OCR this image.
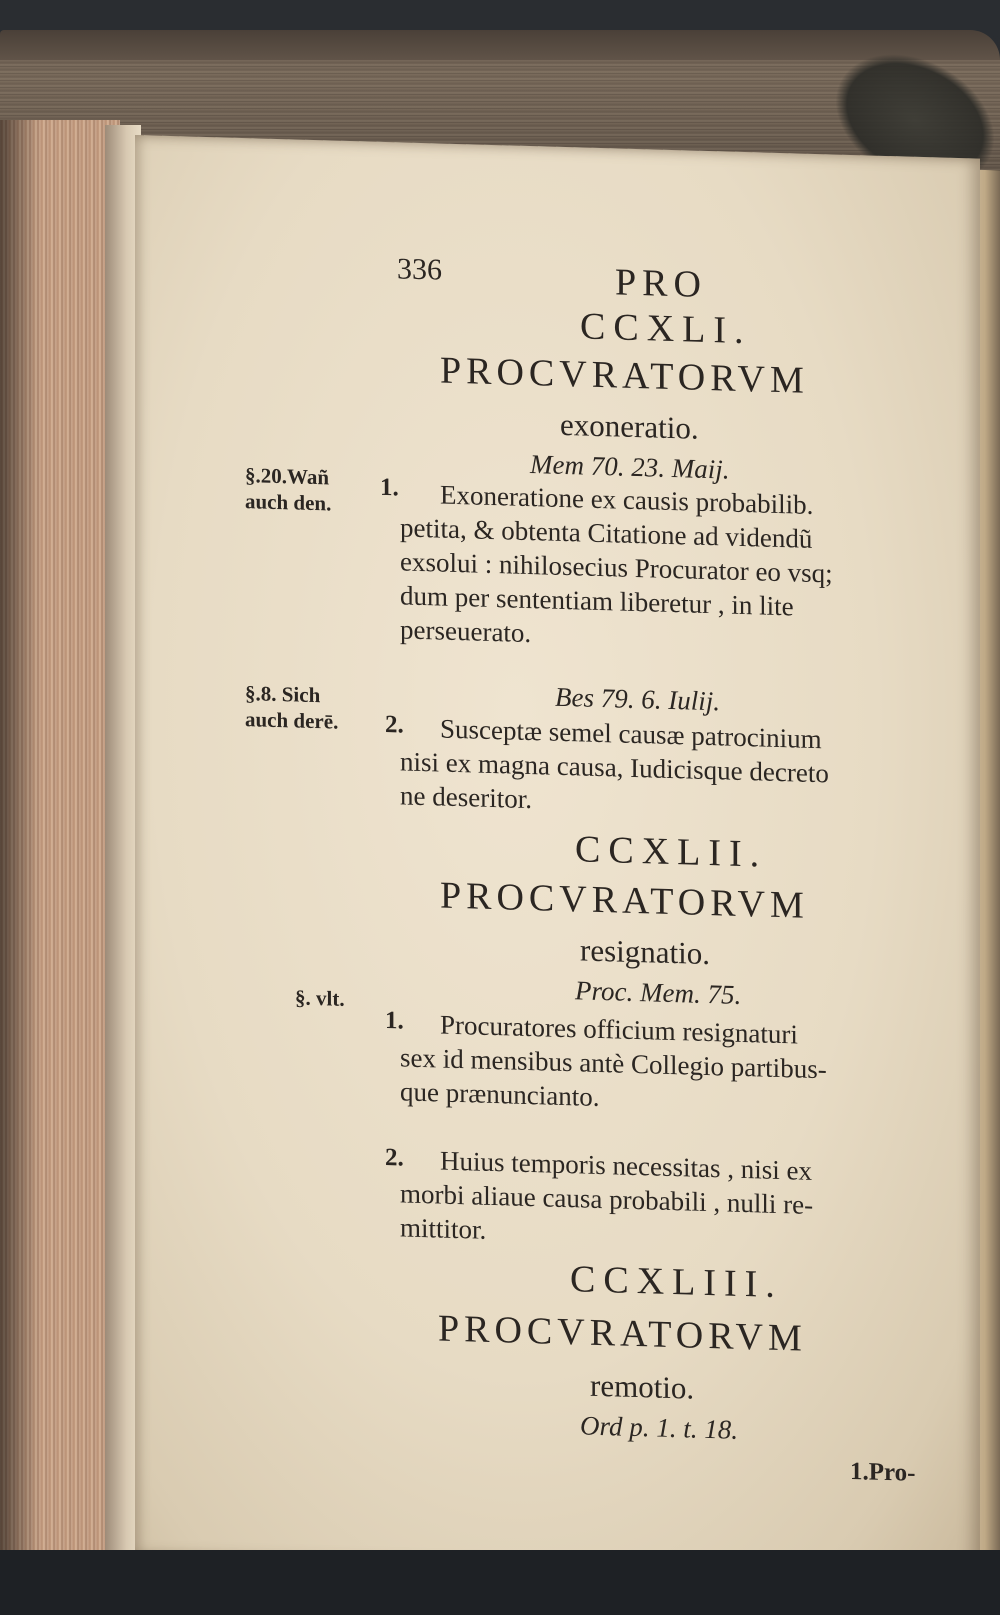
336	PRO
CCXLI.
PROCVRATORVM
exoneratio.
Mem 70. 23. Maij.
§.20.Wañ
auch den.
1.	Exoneratione ex causis probabilib.
petita, & obtenta Citatione ad videndũ
exsolui : nihilosecius Procurator eo vsq;
dum per sententiam liberetur , in lite
perseuerato.
Bes 79. 6. Iulij.
§.8. Sich
auch derē. 2.	Susceptæ semel causæ patrocinium
nisi ex magna causa, Iudicisque decreto
ne deseritor.
CCXLII.
PROCVRATORVM
resignatio.
Proc. Mem. 75.
§. vlt.
1.	Procuratores officium resignaturi
sex id mensibus antè Collegio partibus-
que prænuncianto.
2.	Huius temporis necessitas , nisi ex
morbi aliaue causa probabili , nulli re-
mittitor.
CCXLIII.
PROCVRATORVM
remotio.
Ord p. 1. t. 18.
1.Pro-
